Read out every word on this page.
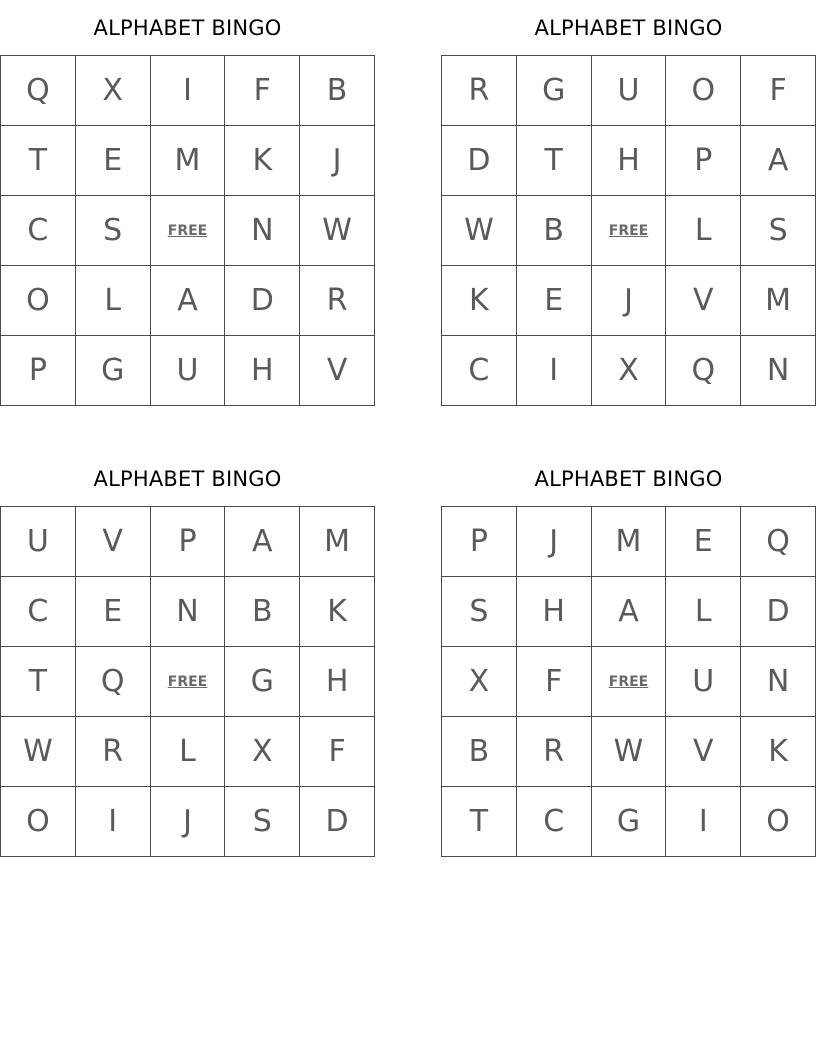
ALPHABET BINGO
Q	X	I	F	B
T	E	M	K	J
C	S	FREE	N	W
O	L	A	D	R
P	G	U	H	V
ALPHABET BINGO
R	G	U	O	F
D	T	H	P	A
W	B	FREE	L	S
K	E	J	V	M
C	I	X	Q	N
ALPHABET BINGO
U	V	P	A	M
C	E	N	B	K
T	Q	FREE	G	H
W	R	L	X	F
O	I	J	S	D
ALPHABET BINGO
P	J	M	E	Q
S	H	A	L	D
X	F	FREE	U	N
B	R	W	V	K
T	C	G	I	O
